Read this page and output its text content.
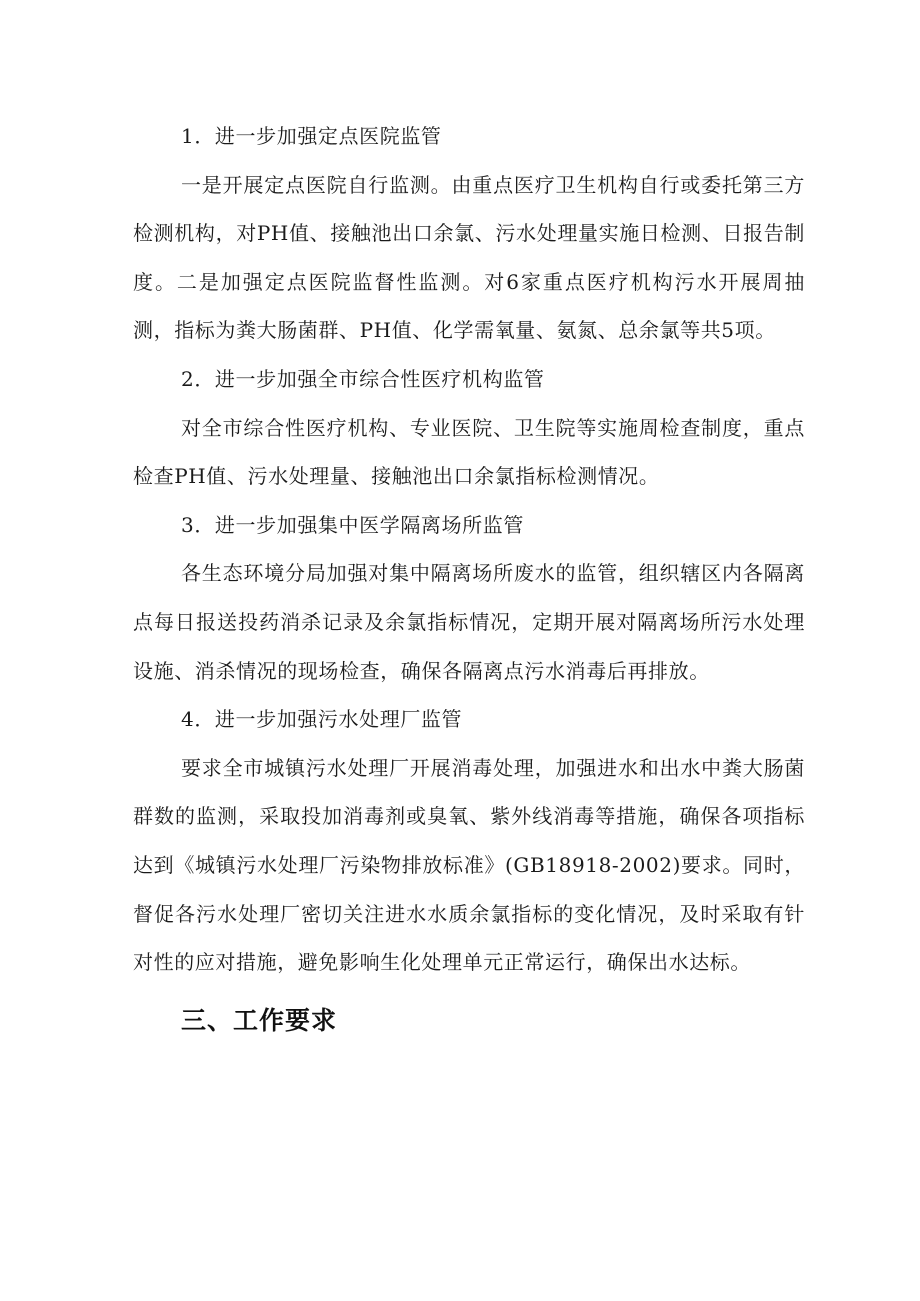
1．进一步加强定点医院监管

一是开展定点医院自行监测。由重点医疗卫生机构自行或委托第三方检测机构，对PH值、接触池出口余氯、污水处理量实施日检测、日报告制度。二是加强定点医院监督性监测。对6家重点医疗机构污水开展周抽测，指标为粪大肠菌群、PH值、化学需氧量、氨氮、总余氯等共5项。

2．进一步加强全市综合性医疗机构监管

对全市综合性医疗机构、专业医院、卫生院等实施周检查制度，重点检查PH值、污水处理量、接触池出口余氯指标检测情况。

3．进一步加强集中医学隔离场所监管

各生态环境分局加强对集中隔离场所废水的监管，组织辖区内各隔离点每日报送投药消杀记录及余氯指标情况，定期开展对隔离场所污水处理设施、消杀情况的现场检查，确保各隔离点污水消毒后再排放。

4．进一步加强污水处理厂监管

要求全市城镇污水处理厂开展消毒处理，加强进水和出水中粪大肠菌群数的监测，采取投加消毒剂或臭氧、紫外线消毒等措施，确保各项指标达到《城镇污水处理厂污染物排放标准》(GB18918-2002)要求。同时，督促各污水处理厂密切关注进水水质余氯指标的变化情况，及时采取有针对性的应对措施，避免影响生化处理单元正常运行，确保出水达标。

三、工作要求
